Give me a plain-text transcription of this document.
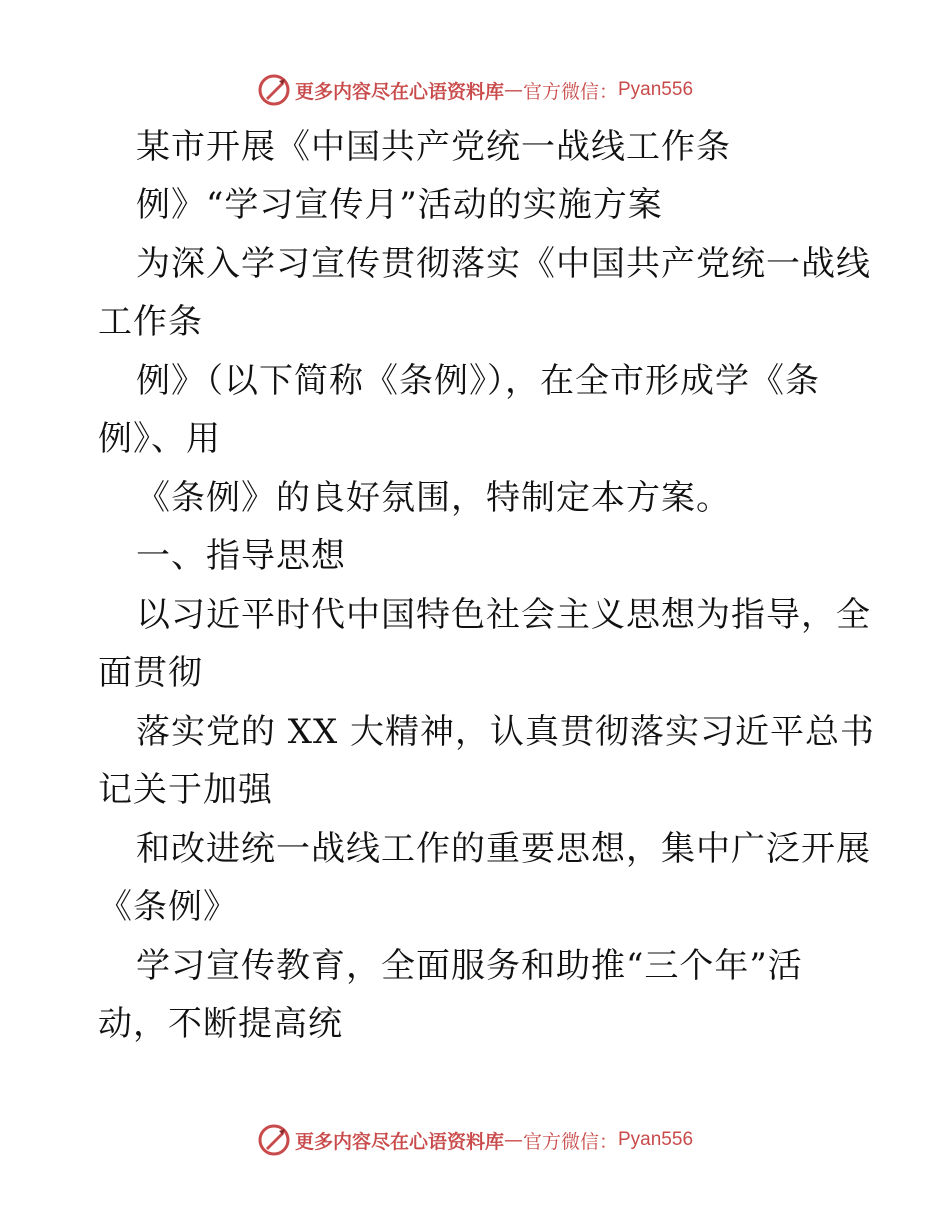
更多内容尽在心语资料库 — 官方微信： Pyan556
某市开展《中国共产党统一战线工作条
例》“学习宣传月”活动的实施方案
为深入学习宣传贯彻落实《中国共产党统一战线
工作条
例》（以下简称《条例》），在全市形成学《条
例》、用
《条例》的良好氛围，特制定本方案。
一、指导思想
以习近平时代中国特色社会主义思想为指导，全
面贯彻
落实党的 XX 大精神，认真贯彻落实习近平总书
记关于加强
和改进统一战线工作的重要思想，集中广泛开展
《条例》
学习宣传教育，全面服务和助推“三个年”活
动，不断提高统
更多内容尽在心语资料库 — 官方微信： Pyan556
